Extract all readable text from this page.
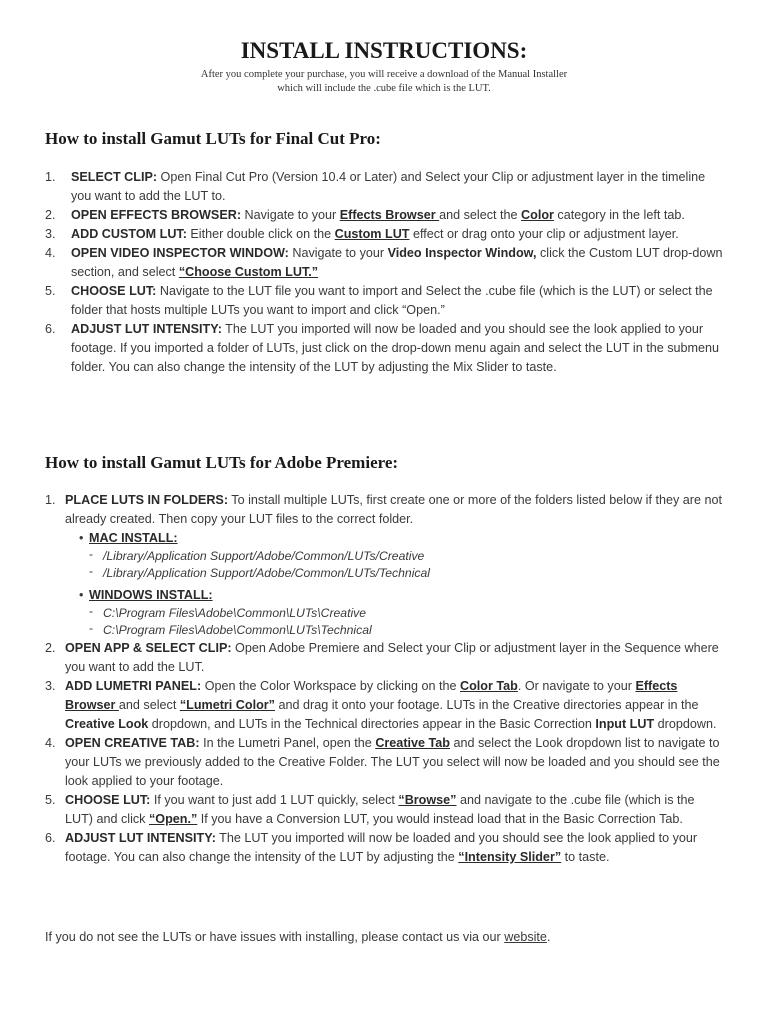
INSTALL INSTRUCTIONS:
After you complete your purchase, you will receive a download of the Manual Installer
which will include the .cube file which is the LUT.
How to install Gamut LUTs for Final Cut Pro:
1. SELECT CLIP: Open Final Cut Pro (Version 10.4 or Later) and Select your Clip or adjustment layer in the timeline you want to add the LUT to.
2. OPEN EFFECTS BROWSER: Navigate to your Effects Browser and select the Color category in the left tab.
3. ADD CUSTOM LUT: Either double click on the Custom LUT effect or drag onto your clip or adjustment layer.
4. OPEN VIDEO INSPECTOR WINDOW: Navigate to your Video Inspector Window, click the Custom LUT drop-down section, and select “Choose Custom LUT.”
5. CHOOSE LUT: Navigate to the LUT file you want to import and Select the .cube file (which is the LUT) or select the folder that hosts multiple LUTs you want to import and click “Open.”
6. ADJUST LUT INTENSITY: The LUT you imported will now be loaded and you should see the look applied to your footage. If you imported a folder of LUTs, just click on the drop-down menu again and select the LUT in the submenu folder. You can also change the intensity of the LUT by adjusting the Mix Slider to taste.
How to install Gamut LUTs for Adobe Premiere:
1. PLACE LUTS IN FOLDERS: To install multiple LUTs, first create one or more of the folders listed below if they are not already created. Then copy your LUT files to the correct folder.
• MAC INSTALL:
- /Library/Application Support/Adobe/Common/LUTs/Creative
- /Library/Application Support/Adobe/Common/LUTs/Technical
• WINDOWS INSTALL:
- C:\Program Files\Adobe\Common\LUTs\Creative
- C:\Program Files\Adobe\Common\LUTs\Technical
2. OPEN APP & SELECT CLIP: Open Adobe Premiere and Select your Clip or adjustment layer in the Sequence where you want to add the LUT.
3. ADD LUMETRI PANEL: Open the Color Workspace by clicking on the Color Tab. Or navigate to your Effects Browser and select “Lumetri Color” and drag it onto your footage. LUTs in the Creative directories appear in the Creative Look dropdown, and LUTs in the Technical directories appear in the Basic Correction Input LUT dropdown.
4. OPEN CREATIVE TAB: In the Lumetri Panel, open the Creative Tab and select the Look dropdown list to navigate to your LUTs we previously added to the Creative Folder. The LUT you select will now be loaded and you should see the look applied to your footage.
5. CHOOSE LUT: If you want to just add 1 LUT quickly, select “Browse” and navigate to the .cube file (which is the LUT) and click “Open.” If you have a Conversion LUT, you would instead load that in the Basic Correction Tab.
6. ADJUST LUT INTENSITY: The LUT you imported will now be loaded and you should see the look applied to your footage. You can also change the intensity of the LUT by adjusting the “Intensity Slider” to taste.

If you do not see the LUTs or have issues with installing, please contact us via our website.
